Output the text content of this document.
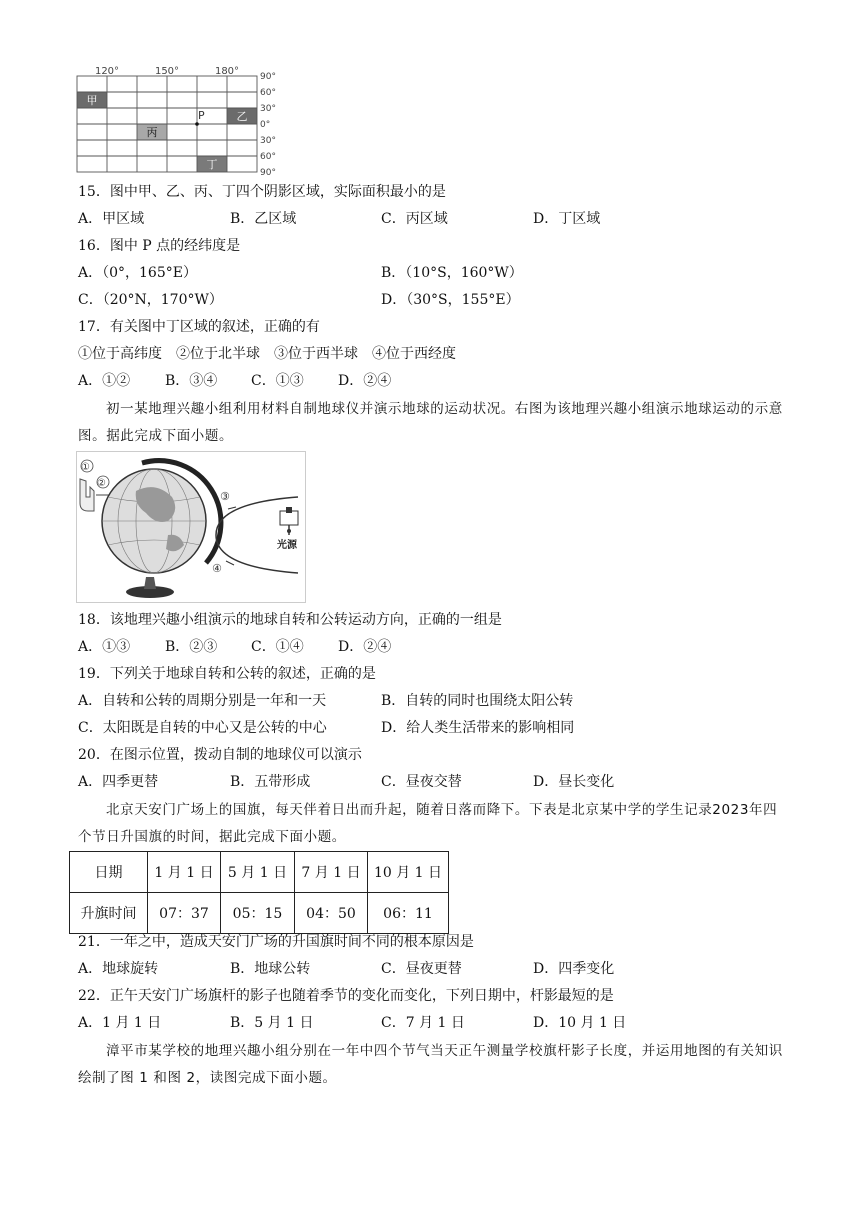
120°	150°	180°
甲
乙
丙
丁
P
90°
60°
30°
0°
30°
60°
90°
15．图中甲、乙、丙、丁四个阴影区域，实际面积最小的是
A．甲区域	B．乙区域	C．丙区域	D．丁区域
16．图中 P 点的经纬度是
A．（0°，165°E）	B．（10°S，160°W）
C．（20°N，170°W）	D．（30°S，155°E）
17．有关图中丁区域的叙述，正确的有
①位于高纬度　②位于北半球　③位于西半球　④位于西经度
A．①② B．③④ C．①③ D．②④
初一某地理兴趣小组利用材料自制地球仪并演示地球的运动状况。右图为该地理兴趣小组演示地球运动的示意图。据此完成下面小题。
①
②
③
④
光源
18．该地理兴趣小组演示的地球自转和公转运动方向，正确的一组是
A．①③ B．②③ C．①④ D．②④
19．下列关于地球自转和公转的叙述，正确的是
A．自转和公转的周期分别是一年和一天	B．自转的同时也围绕太阳公转
C．太阳既是自转的中心又是公转的中心	D．给人类生活带来的影响相同
20．在图示位置，拨动自制的地球仪可以演示
A．四季更替	B．五带形成	C．昼夜交替	D．昼长变化
北京天安门广场上的国旗，每天伴着日出而升起，随着日落而降下。下表是北京某中学的学生记录2023年四个节日升国旗的时间，据此完成下面小题。
日期	1 月 1 日	5 月 1 日	7 月 1 日	10 月 1 日
升旗时间	07：37	05：15	04：50	06：11
21．一年之中，造成天安门广场的升国旗时间不同的根本原因是
A．地球旋转	B．地球公转	C．昼夜更替	D．四季变化
22．正午天安门广场旗杆的影子也随着季节的变化而变化，下列日期中，杆影最短的是
A．1 月 1 日	B．5 月 1 日	C．7 月 1 日	D．10 月 1 日
漳平市某学校的地理兴趣小组分别在一年中四个节气当天正午测量学校旗杆影子长度，并运用地图的有关知识绘制了图 1 和图 2，读图完成下面小题。
